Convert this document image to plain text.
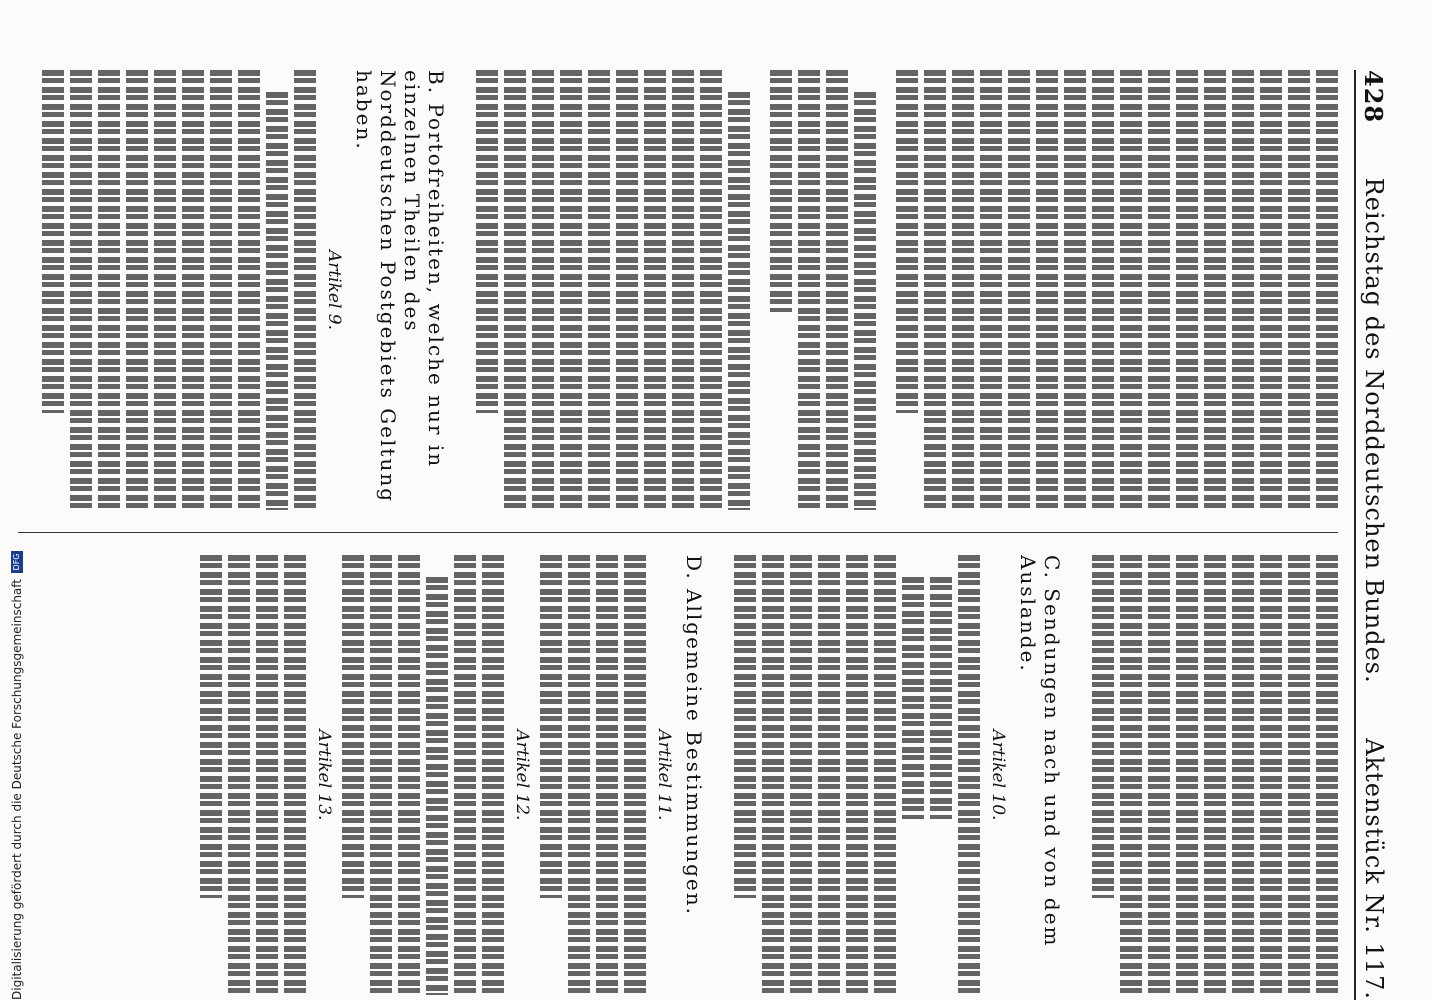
428
Reichstag des Norddeutschen Bundes.
Aktenstück Nr. 117.
B. Portofreiheiten, welche nur in einzelnen Theilen des Norddeutschen Postgebiets Geltung haben.
Artikel 9.
C. Sendungen nach und von dem Auslande.
Artikel 10.
D. Allgemeine Bestimmungen.
Artikel 11.
Artikel 12.
Artikel 13.
Digitalisierung gefördert durch die Deutsche Forschungsgemeinschaft
DFG
